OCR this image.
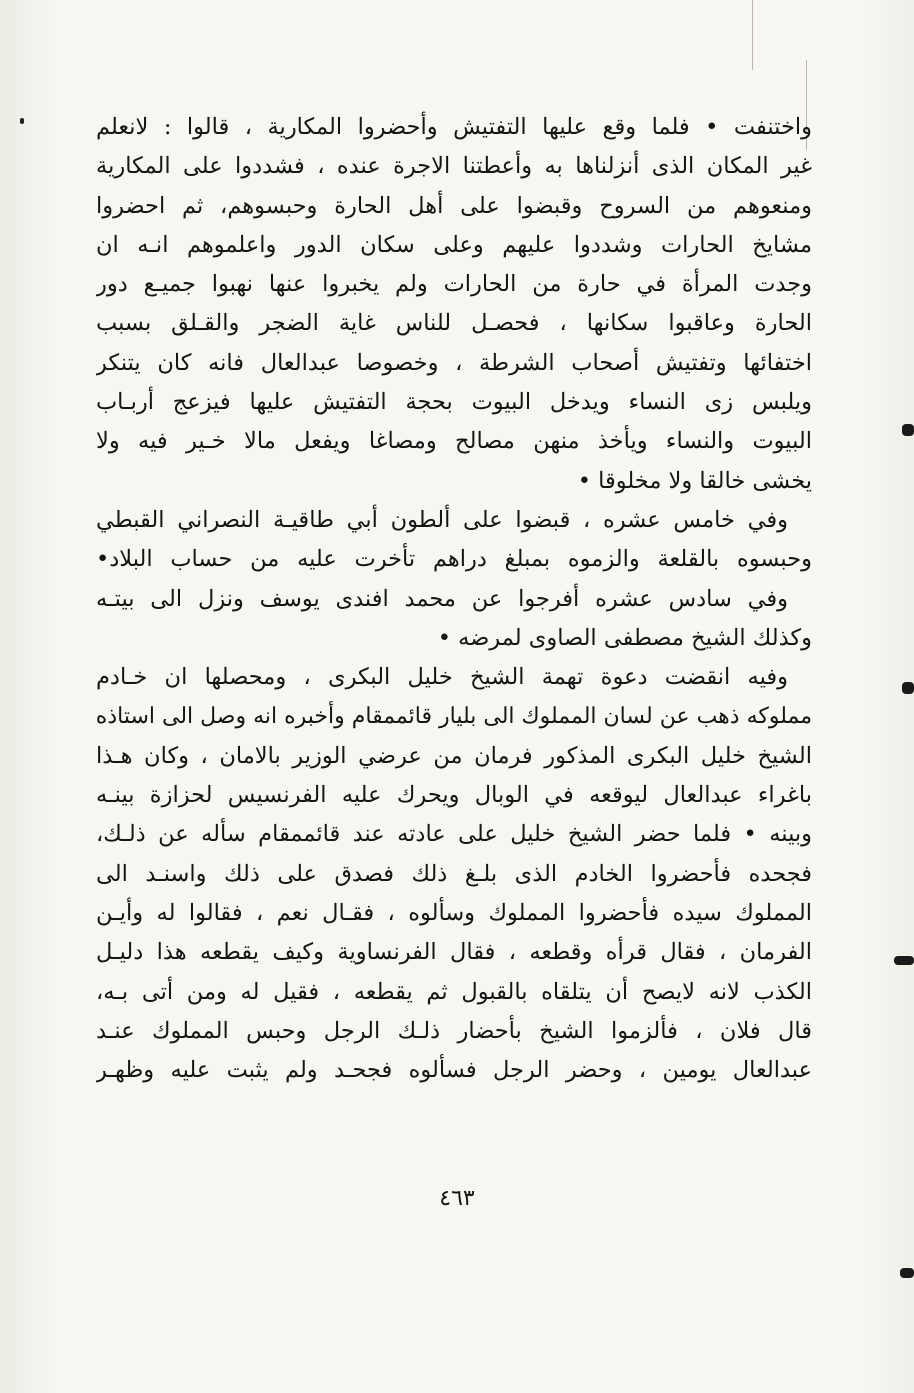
واختنفت • فلما وقع عليها التفتيش وأحضروا المكارية ، قالوا : لانعلم
غير المكان الذى أنزلناها به وأعطتنا الاجرة عنده ، فشددوا على المكارية
ومنعوهم من السروح وقبضوا على أهل الحارة وحبسوهم، ثم احضروا
مشايخ الحارات وشددوا عليهم وعلى سكان الدور واعلموهم انـه ان
وجدت المرأة في حارة من الحارات ولم يخبروا عنها نهبوا جميـع دور
الحارة وعاقبوا سكانها ، فحصـل للناس غاية الضجر والقـلق بسبب
اختفائها وتفتيش أصحاب الشرطة ، وخصوصا عبدالعال فانه كان يتنكر
ويلبس زى النساء ويدخل البيوت بحجة التفتيش عليها فيزعج أربـاب
البيوت والنساء ويأخذ منهن مصالح ومصاغا ويفعل مالا خـير فيه ولا
يخشى خالقا ولا مخلوقا •
وفي خامس عشره ، قبضوا على ألطون أبي طاقيـة النصراني القبطي
وحبسوه بالقلعة والزموه بمبلغ دراهم تأخرت عليه من حساب البلاد•
وفي سادس عشره أفرجوا عن محمد افندى يوسف ونزل الى بيتـه
وكذلك الشيخ مصطفى الصاوى لمرضه •
وفيه انقضت دعوة تهمة الشيخ خليل البكرى ، ومحصلها ان خـادم
مملوكه ذهب عن لسان المملوك الى بليار قائممقام وأخبره انه وصل الى استاذه
الشيخ خليل البكرى المذكور فرمان من عرضي الوزير بالامان ، وكان هـذا
باغراء عبدالعال ليوقعه في الوبال ويحرك عليه الفرنسيس لحزازة بينـه
وبينه • فلما حضر الشيخ خليل على عادته عند قائممقام سأله عن ذلـك،
فجحده فأحضروا الخادم الذى بلـغ ذلك فصدق على ذلك واسنـد الى
المملوك سيده فأحضروا المملوك وسألوه ، فقـال نعم ، فقالوا له وأيـن
الفرمان ، فقال قرأه وقطعه ، فقال الفرنساوية وكيف يقطعه هذا دليـل
الكذب لانه لايصح أن يتلقاه بالقبول ثم يقطعه ، فقيل له ومن أتى بـه،
قال فلان ، فألزموا الشيخ بأحضار ذلـك الرجل وحبس المملوك عنـد
عبدالعال يومين ، وحضر الرجل فسألوه فجحـد ولم يثبت عليه وظهـر
٤٦٣
